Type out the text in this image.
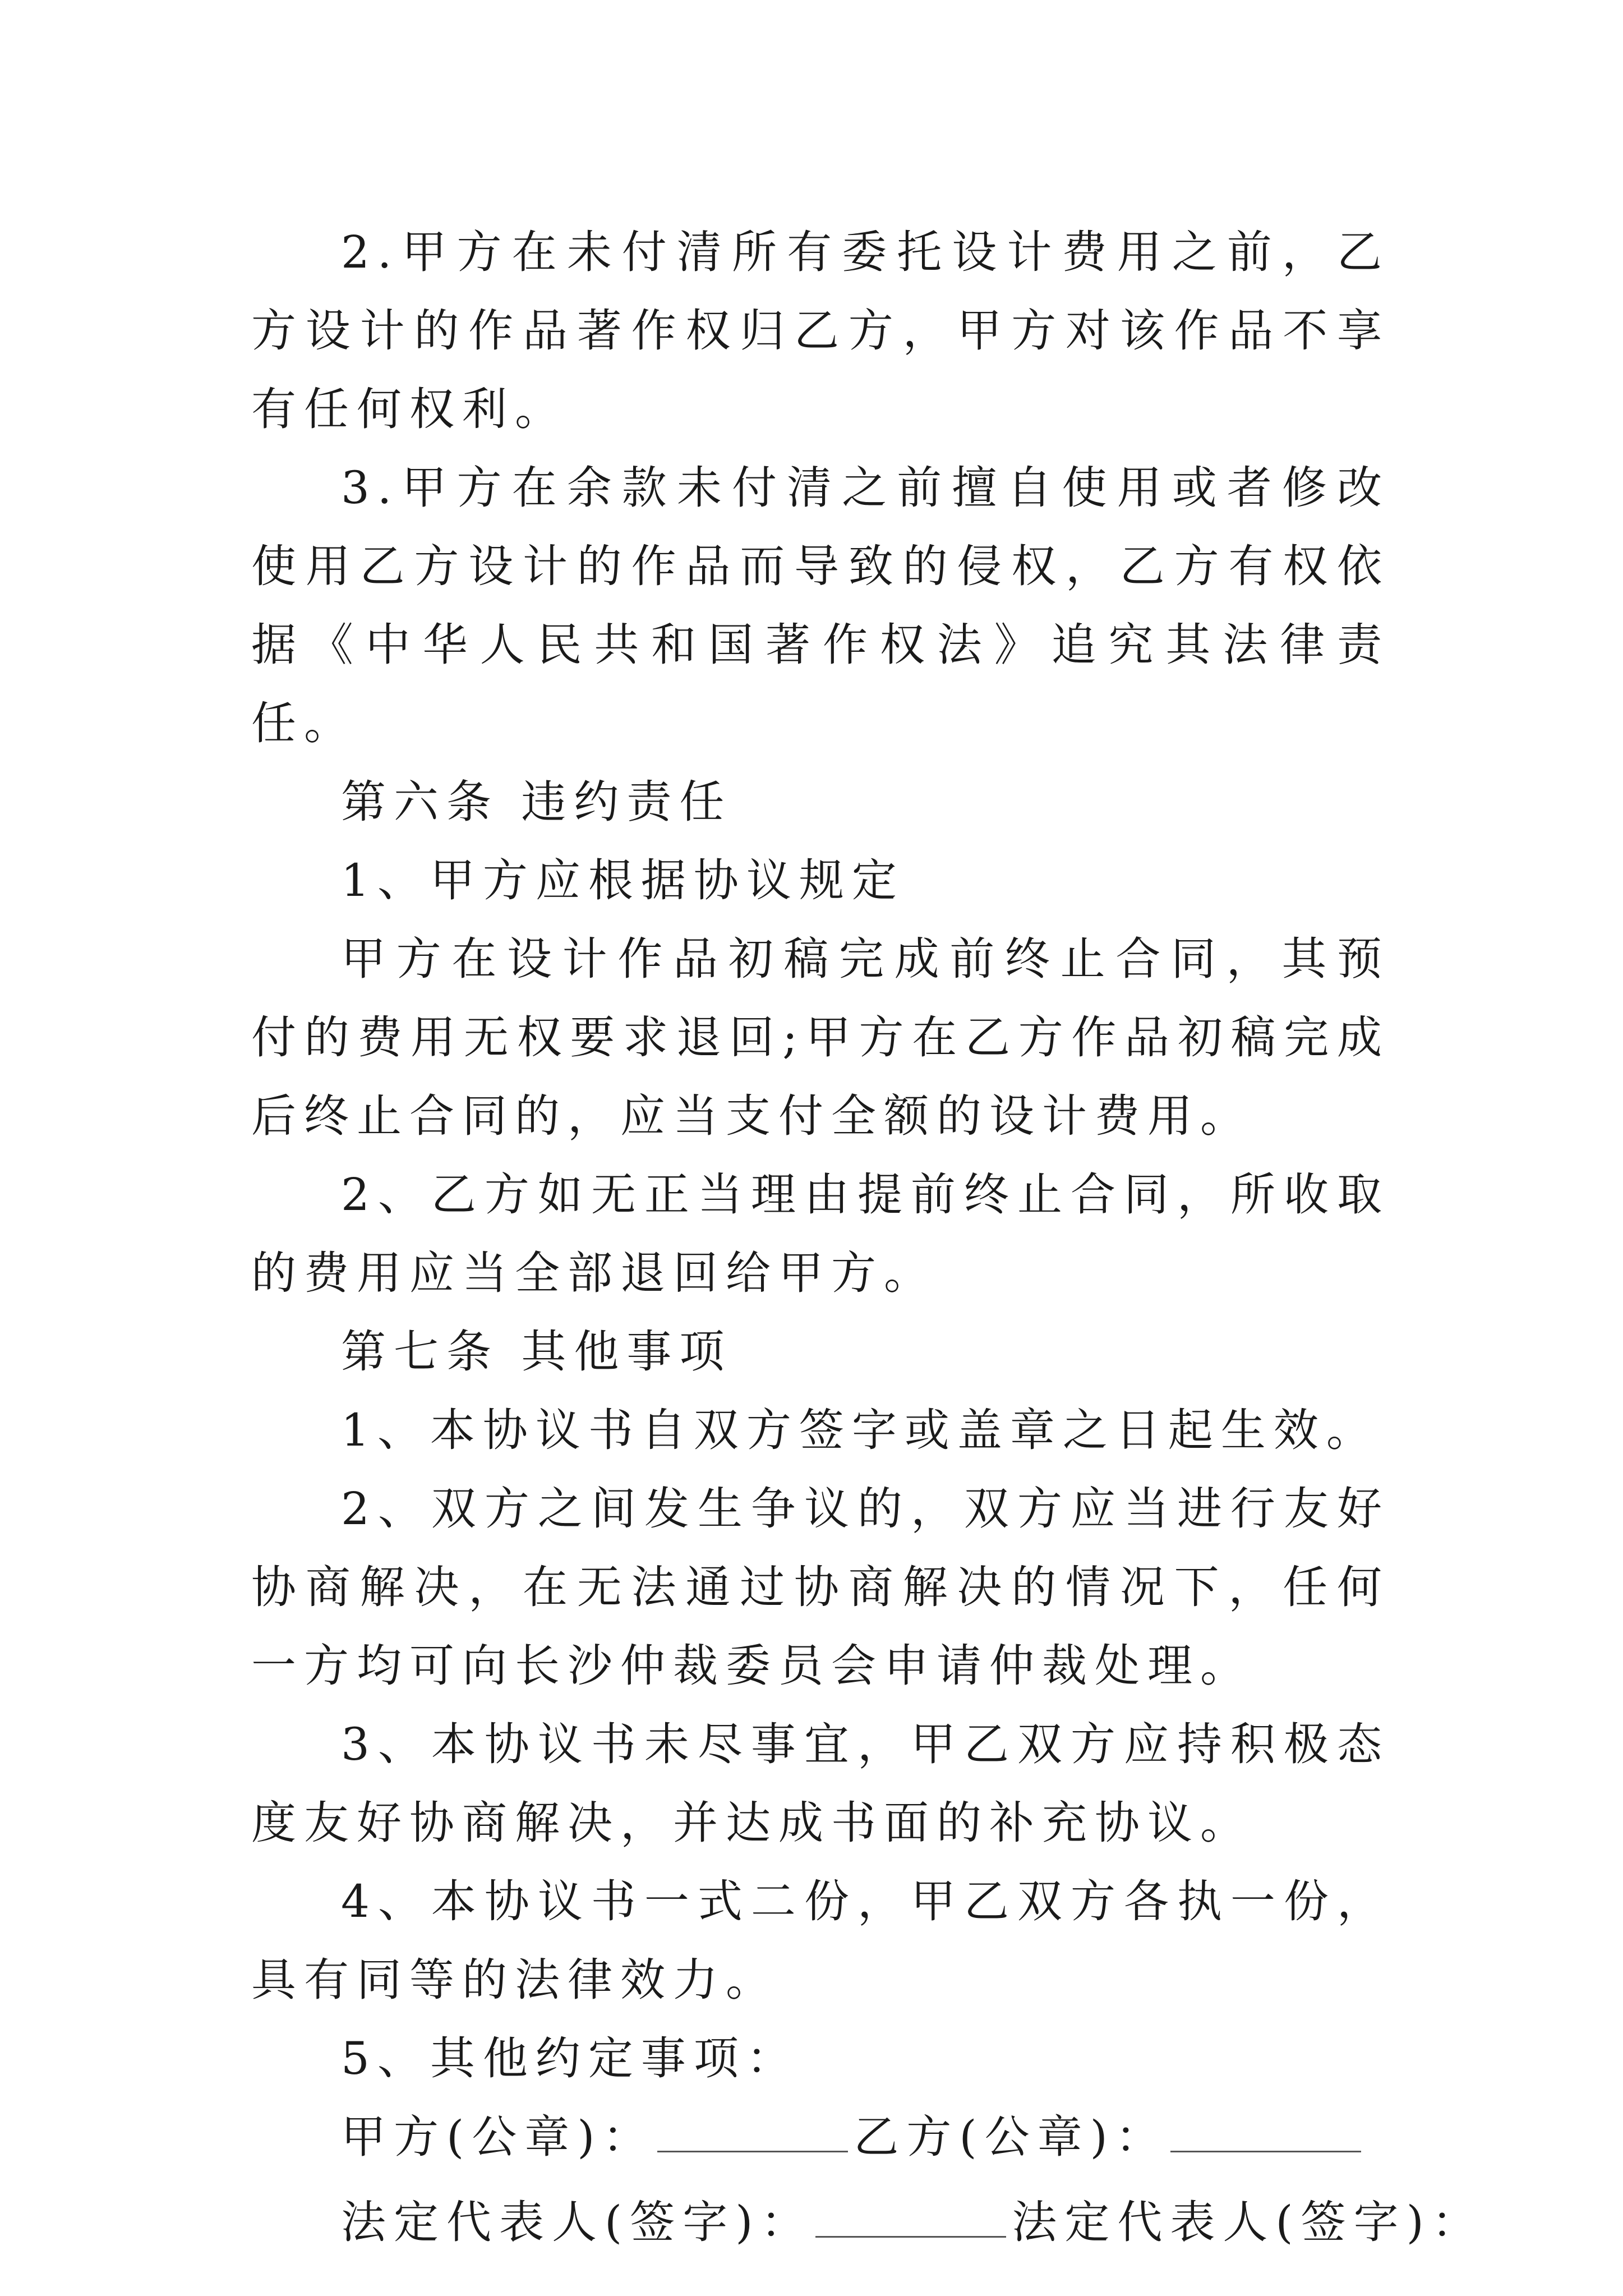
2.甲方在未付清所有委托设计费用之前，乙方设计的作品著作权归乙方，甲方对该作品不享有任何权利。

3.甲方在余款未付清之前擅自使用或者修改使用乙方设计的作品而导致的侵权，乙方有权依据《中华人民共和国著作权法》追究其法律责任。

第六条 违约责任

1、甲方应根据协议规定

甲方在设计作品初稿完成前终止合同，其预付的费用无权要求退回;甲方在乙方作品初稿完成后终止合同的，应当支付全额的设计费用。

2、乙方如无正当理由提前终止合同，所收取的费用应当全部退回给甲方。

第七条 其他事项

1、本协议书自双方签字或盖章之日起生效。

2、双方之间发生争议的，双方应当进行友好协商解决，在无法通过协商解决的情况下，任何一方均可向长沙仲裁委员会申请仲裁处理。

3、本协议书未尽事宜，甲乙双方应持积极态度友好协商解决，并达成书面的补充协议。

4、本协议书一式二份，甲乙双方各执一份，具有同等的法律效力。

5、其他约定事项：

甲方(公章)：	乙方(公章)：
法定代表人(签字)：	法定代表人(签字)：
